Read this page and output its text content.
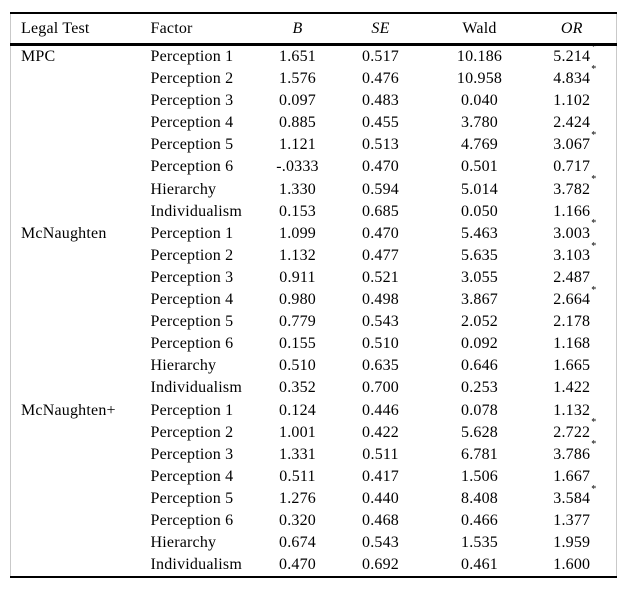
Legal Test	Factor	B	SE	Wald	OR
MPC	Perception 1	1.651	0.517	10.186	5.214*
	Perception 2	1.576	0.476	10.958	4.834*
	Perception 3	0.097	0.483	0.040	1.102
	Perception 4	0.885	0.455	3.780	2.424
	Perception 5	1.121	0.513	4.769	3.067*
	Perception 6	-.0333	0.470	0.501	0.717
	Hierarchy	1.330	0.594	5.014	3.782*
	Individualism	0.153	0.685	0.050	1.166
McNaughten	Perception 1	1.099	0.470	5.463	3.003*
	Perception 2	1.132	0.477	5.635	3.103*
	Perception 3	0.911	0.521	3.055	2.487
	Perception 4	0.980	0.498	3.867	2.664*
	Perception 5	0.779	0.543	2.052	2.178
	Perception 6	0.155	0.510	0.092	1.168
	Hierarchy	0.510	0.635	0.646	1.665
	Individualism	0.352	0.700	0.253	1.422
McNaughten+	Perception 1	0.124	0.446	0.078	1.132
	Perception 2	1.001	0.422	5.628	2.722*
	Perception 3	1.331	0.511	6.781	3.786*
	Perception 4	0.511	0.417	1.506	1.667
	Perception 5	1.276	0.440	8.408	3.584*
	Perception 6	0.320	0.468	0.466	1.377
	Hierarchy	0.674	0.543	1.535	1.959
	Individualism	0.470	0.692	0.461	1.600
